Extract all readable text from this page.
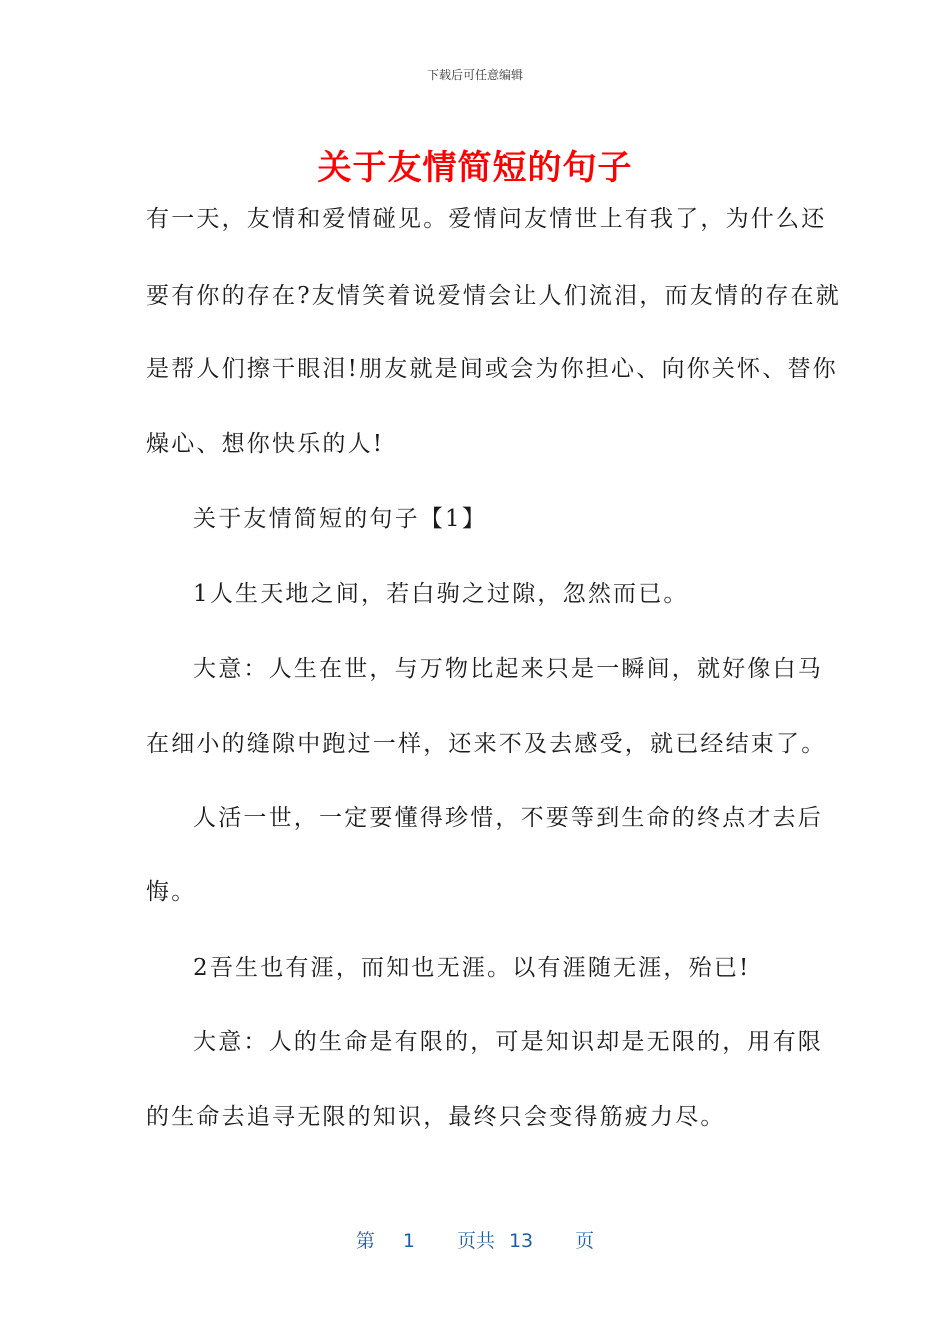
下载后可任意编辑
关于友情简短的句子
有一天，友情和爱情碰见。爱情问友情世上有我了，为什么还
要有你的存在?友情笑着说爱情会让人们流泪，而友情的存在就
是帮人们擦干眼泪!朋友就是间或会为你担心、向你关怀、替你
燥心、想你快乐的人!
关于友情简短的句子【1】
1人生天地之间，若白驹之过隙，忽然而已。
大意：人生在世，与万物比起来只是一瞬间，就好像白马
在细小的缝隙中跑过一样，还来不及去感受，就已经结束了。
人活一世，一定要懂得珍惜，不要等到生命的终点才去后
悔。
2吾生也有涯，而知也无涯。以有涯随无涯，殆已!
大意：人的生命是有限的，可是知识却是无限的，用有限
的生命去追寻无限的知识，最终只会变得筋疲力尽。
第 1 页共 13 页
